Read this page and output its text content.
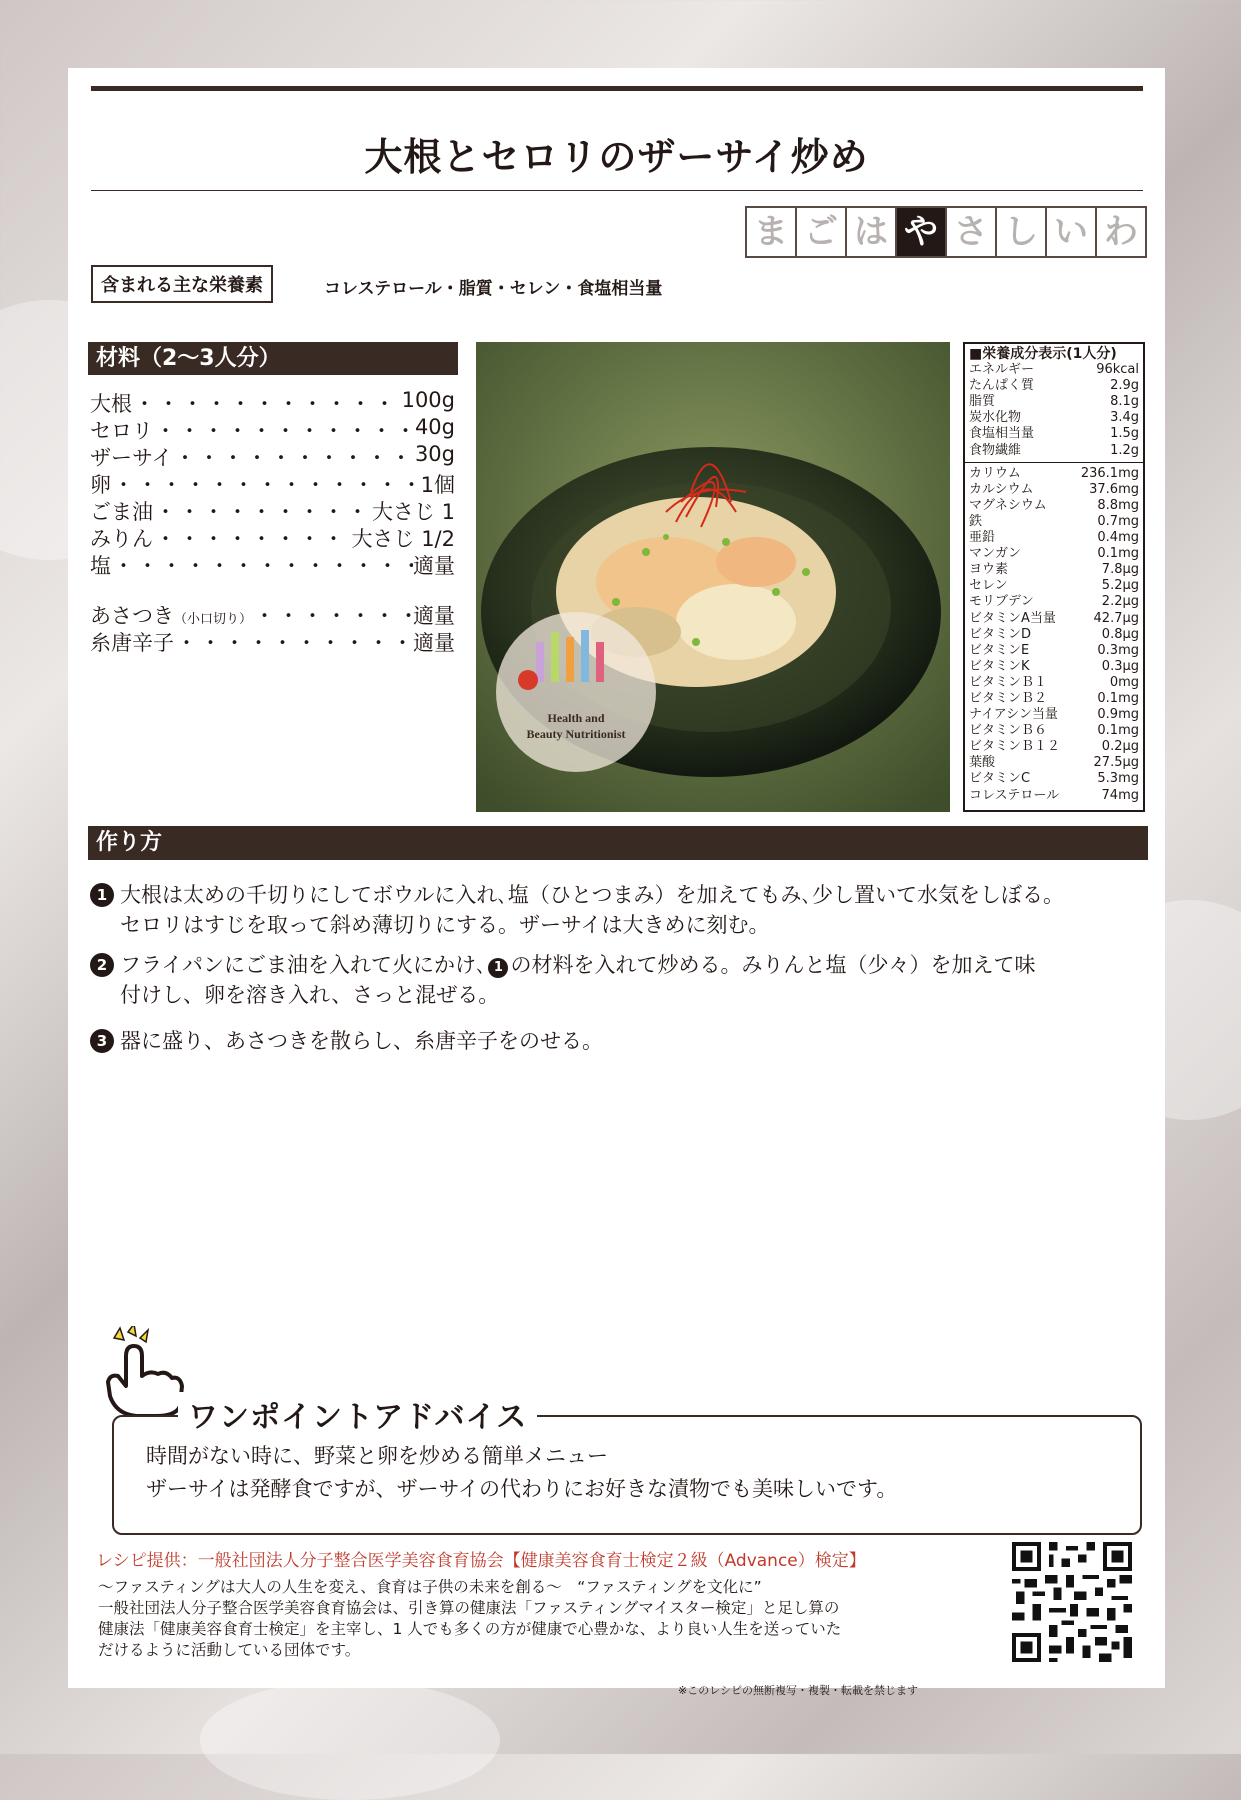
大根とセロリのザーサイ炒め
ま ご は や さ し い わ
含まれる主な栄養素	コレステロール・脂質・セレン・食塩相当量
材料（2〜3人分）
大根 ・・・・・・・・・・・・・・・・・・・・・・・・・・・・	100g
セロリ ・・・・・・・・・・・・・・・・・・・・・・・・・・・・	40g
ザーサイ ・・・・・・・・・・・・・・・・・・・・・・・・・・・・	30g
卵 ・・・・・・・・・・・・・・・・・・・・・・・・・・・・	1個
ごま油 ・・・・・・・・・・・・・・・・・・・・・・・・・・・・	大さじ 1
みりん ・・・・・・・・・・・・・・・・・・・・・・・・・・・・	大さじ 1/2
塩 ・・・・・・・・・・・・・・・・・・・・・・・・・・・・	適量
あさつき（小口切り） ・・・・・・・・・・・・・・・・・・・・・・・・・・・・	適量
糸唐辛子 ・・・・・・・・・・・・・・・・・・・・・・・・・・・・	適量
Health and
Beauty Nutritionist
■栄養成分表示(1人分)
エネルギー	96kcal
たんぱく質	2.9g
脂質	8.1g
炭水化物	3.4g
食塩相当量	1.5g
食物繊維	1.2g
カリウム	236.1mg
カルシウム	37.6mg
マグネシウム	8.8mg
鉄	0.7mg
亜鉛	0.4mg
マンガン	0.1mg
ヨウ素	7.8μg
セレン	5.2μg
モリブデン	2.2μg
ビタミンA当量	42.7μg
ビタミンD	0.8μg
ビタミンE	0.3mg
ビタミンK	0.3μg
ビタミンＢ１	0mg
ビタミンＢ２	0.1mg
ナイアシン当量	0.9mg
ビタミンＢ６	0.1mg
ビタミンＢ１２	0.2μg
葉酸	27.5μg
ビタミンC	5.3mg
コレステロール	74mg
作り方
1 大根は太めの千切りにしてボウルに入れ､塩（ひとつまみ）を加えてもみ､少し置いて水気をしぼる。
セロリはすじを取って斜め薄切りにする。ザーサイは大きめに刻む。
2 フライパンにごま油を入れて火にかけ､ 1 の材料を入れて炒める。みりんと塩（少々）を加えて味
付けし、卵を溶き入れ、さっと混ぜる。
3 器に盛り、あさつきを散らし、糸唐辛子をのせる。
ワンポイントアドバイス
時間がない時に、野菜と卵を炒める簡単メニュー
ザーサイは発酵食ですが、ザーサイの代わりにお好きな漬物でも美味しいです。
レシピ提供：一般社団法人分子整合医学美容食育協会【健康美容食育士検定２級（Advance）検定】
〜ファスティングは大人の人生を変え、食育は子供の未来を創る〜　“ファスティングを文化に”
一般社団法人分子整合医学美容食育協会は、引き算の健康法「ファスティングマイスター検定」と足し算の
健康法「健康美容食育士検定」を主宰し、1 人でも多くの方が健康で心豊かな、より良い人生を送っていた
だけるように活動している団体です。
※このレシピの無断複写・複製・転載を禁じます
